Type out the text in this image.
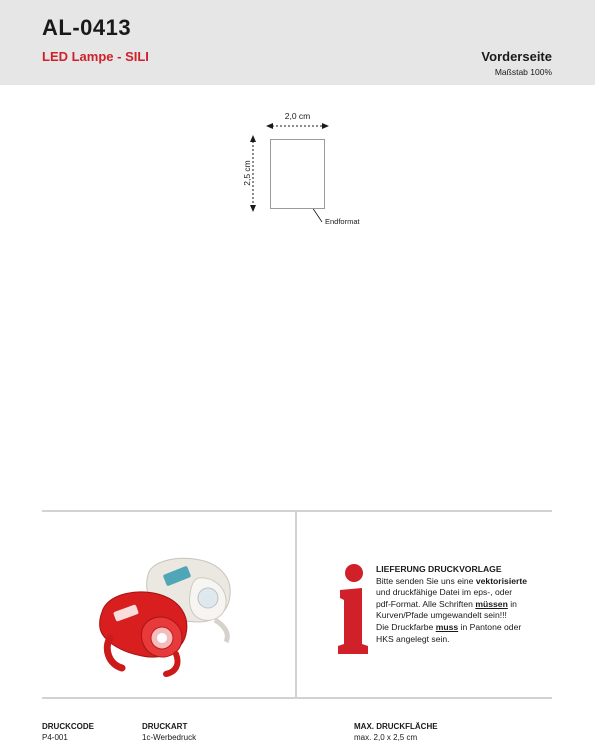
AL-0413
LED Lampe - SILI	Vorderseite
Maßstab 100%
2,0 cm
2,5 cm
Endformat
LIEFERUNG DRUCKVORLAGE
Bitte senden Sie uns eine vektorisierte
und druckfähige Datei im eps-, oder
pdf-Format. Alle Schriften müssen in
Kurven/Pfade umgewandelt sein!!!
Die Druckfarbe muss in Pantone oder
HKS angelegt sein.
DRUCKCODE
P4-001
DRUCKART
1c-Werbedruck
MAX. DRUCKFLÄCHE
max. 2,0 x 2,5 cm
